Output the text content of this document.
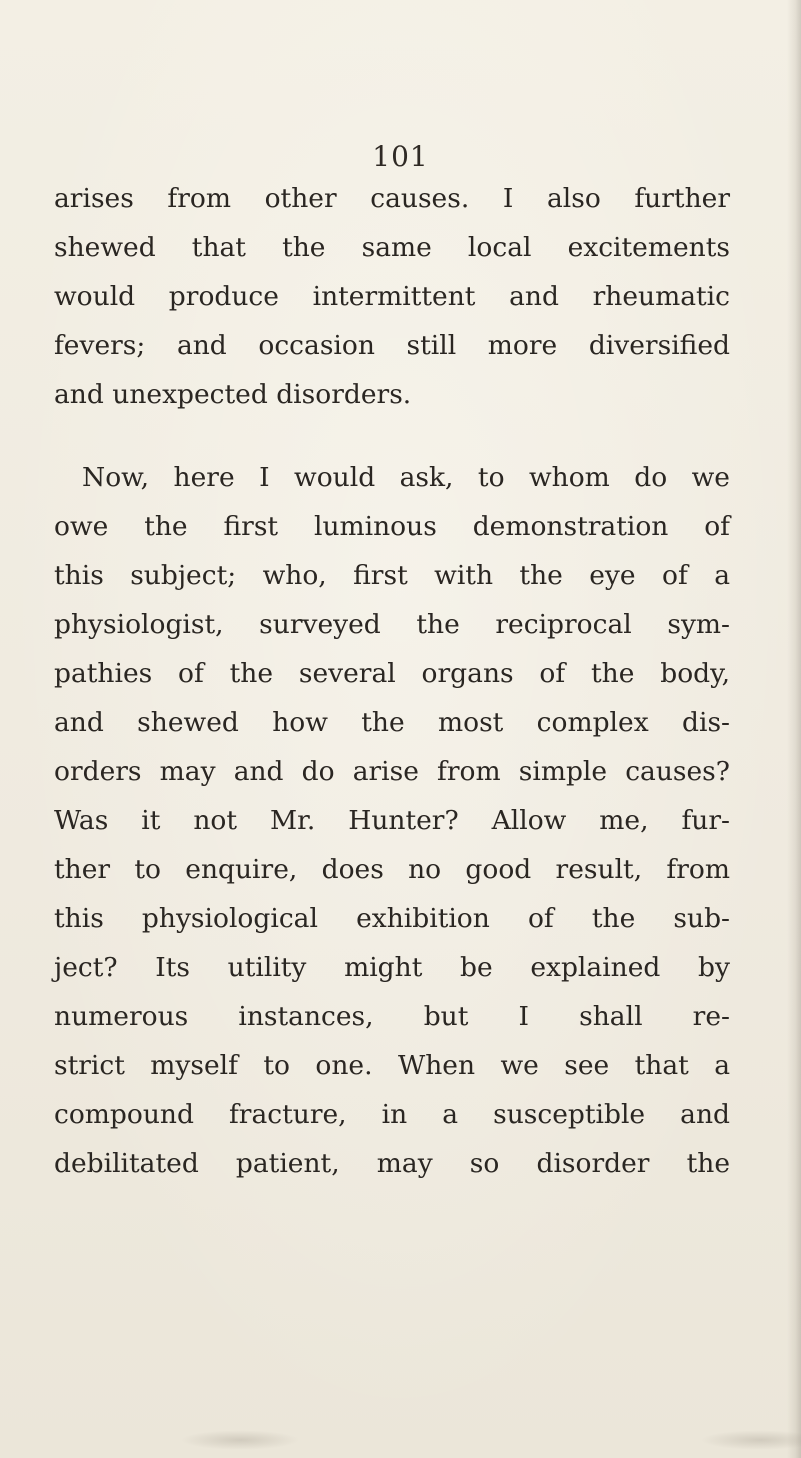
101
arises from other causes. I also further
shewed that the same local excitements
would produce intermittent and rheumatic
fevers; and occasion still more diversified
and unexpected disorders.
Now, here I would ask, to whom do we
owe the first luminous demonstration of
this subject; who, first with the eye of a
physiologist, surveyed the reciprocal sym-
pathies of the several organs of the body,
and shewed how the most complex dis-
orders may and do arise from simple causes?
Was it not Mr. Hunter? Allow me, fur-
ther to enquire, does no good result, from
this physiological exhibition of the sub-
ject? Its utility might be explained by
numerous instances, but I shall re-
strict myself to one. When we see that a
compound fracture, in a susceptible and
debilitated patient, may so disorder the
